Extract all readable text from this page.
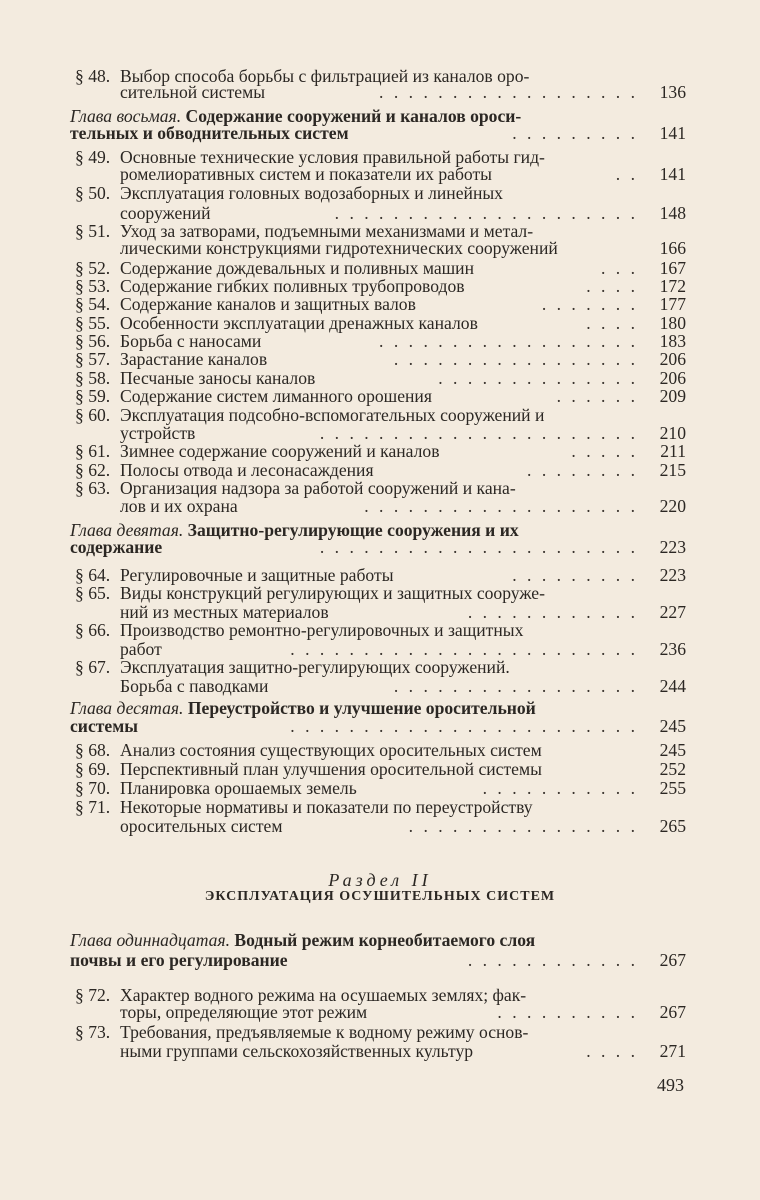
§ 48. Выбор способа борьбы с фильтрацией из каналов оро-
сительной системы	. . . . . . . . . . . . . . . . . . 136
Глава восьмая. Содержание сооружений и каналов ороси-
тельных и обводнительных систем	. . . . . . . . . 141
§ 49. Основные технические условия правильной работы гид-
ромелиоративных систем и показатели их работы	. . 141
§ 50. Эксплуатация головных водозаборных и линейных
сооружений	. . . . . . . . . . . . . . . . . . . . . 148
§ 51. Уход за затворами, подъемными механизмами и метал-
лическими конструкциями гидротехнических сооружений	166
§ 52. Содержание дождевальных и поливных машин	. . . 167
§ 53. Содержание гибких поливных трубопроводов	. . . . 172
§ 54. Содержание каналов и защитных валов	. . . . . . . 177
§ 55. Особенности эксплуатации дренажных каналов	. . . . 180
§ 56. Борьба с наносами	. . . . . . . . . . . . . . . . . . 183
§ 57. Зарастание каналов	. . . . . . . . . . . . . . . . . 206
§ 58. Песчаные заносы каналов	. . . . . . . . . . . . . . 206
§ 59. Содержание систем лиманного орошения	. . . . . . 209
§ 60. Эксплуатация подсобно-вспомогательных сооружений и
устройств	. . . . . . . . . . . . . . . . . . . . . . 210
§ 61. Зимнее содержание сооружений и каналов	. . . . . 211
§ 62. Полосы отвода и лесонасаждения	. . . . . . . . 215
§ 63. Организация надзора за работой сооружений и кана-
лов и их охрана	. . . . . . . . . . . . . . . . . . . 220
Глава девятая. Защитно-регулирующие сооружения и их
содержание	. . . . . . . . . . . . . . . . . . . . . . 223
§ 64. Регулировочные и защитные работы	. . . . . . . . . 223
§ 65. Виды конструкций регулирующих и защитных сооруже-
ний из местных материалов	. . . . . . . . . . . . 227
§ 66. Производство ремонтно-регулировочных и защитных
работ	. . . . . . . . . . . . . . . . . . . . . . . . 236
§ 67. Эксплуатация защитно-регулирующих сооружений.
Борьба с паводками	. . . . . . . . . . . . . . . . . 244
Глава десятая. Переустройство и улучшение оросительной
системы	. . . . . . . . . . . . . . . . . . . . . . . . 245
§ 68. Анализ состояния существующих оросительных систем	245
§ 69. Перспективный план улучшения оросительной системы	252
§ 70. Планировка орошаемых земель	. . . . . . . . . . . 255
§ 71. Некоторые нормативы и показатели по переустройству
оросительных систем	. . . . . . . . . . . . . . . . 265
Раздел II
ЭКСПЛУАТАЦИЯ ОСУШИТЕЛЬНЫХ СИСТЕМ
Глава одиннадцатая. Водный режим корнеобитаемого слоя
почвы и его регулирование	. . . . . . . . . . . . 267
§ 72. Характер водного режима на осушаемых землях; фак-
торы, определяющие этот режим	. . . . . . . . . . 267
§ 73. Требования, предъявляемые к водному режиму основ-
ными группами сельскохозяйственных культур	. . . . 271
493
